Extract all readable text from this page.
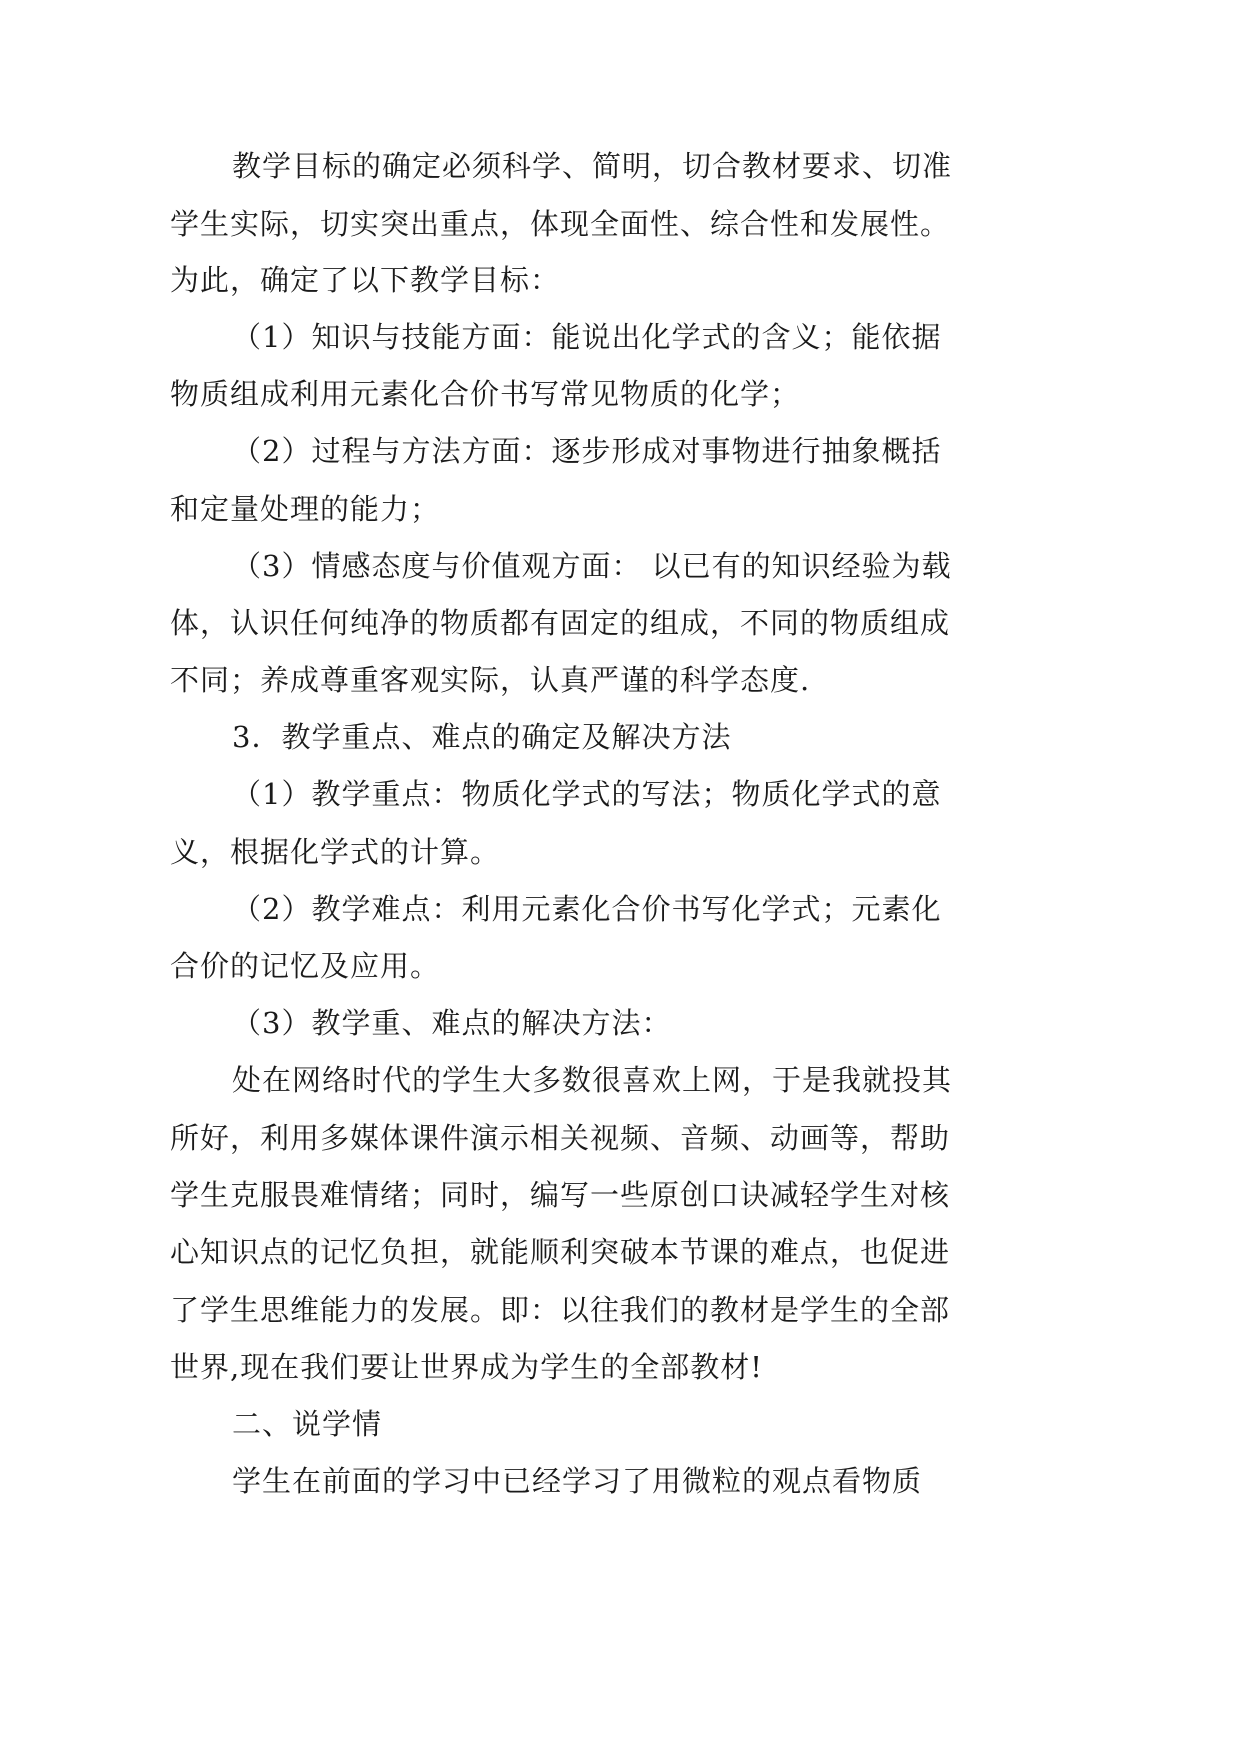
教学目标的确定必须科学、简明，切合教材要求、切准
学生实际，切实突出重点，体现全面性、综合性和发展性。
为此，确定了以下教学目标：
（1）知识与技能方面：能说出化学式的含义；能依据
物质组成利用元素化合价书写常见物质的化学；
（2）过程与方法方面：逐步形成对事物进行抽象概括
和定量处理的能力；
（3）情感态度与价值观方面： 以已有的知识经验为载
体，认识任何纯净的物质都有固定的组成，不同的物质组成
不同；养成尊重客观实际，认真严谨的科学态度.
3．教学重点、难点的确定及解决方法
（1）教学重点：物质化学式的写法；物质化学式的意
义，根据化学式的计算。
（2）教学难点：利用元素化合价书写化学式；元素化
合价的记忆及应用。
（3）教学重、难点的解决方法：
处在网络时代的学生大多数很喜欢上网，于是我就投其
所好，利用多媒体课件演示相关视频、音频、动画等，帮助
学生克服畏难情绪；同时，编写一些原创口诀减轻学生对核
心知识点的记忆负担，就能顺利突破本节课的难点，也促进
了学生思维能力的发展。即：以往我们的教材是学生的全部
世界,现在我们要让世界成为学生的全部教材!
二、说学情
学生在前面的学习中已经学习了用微粒的观点看物质
